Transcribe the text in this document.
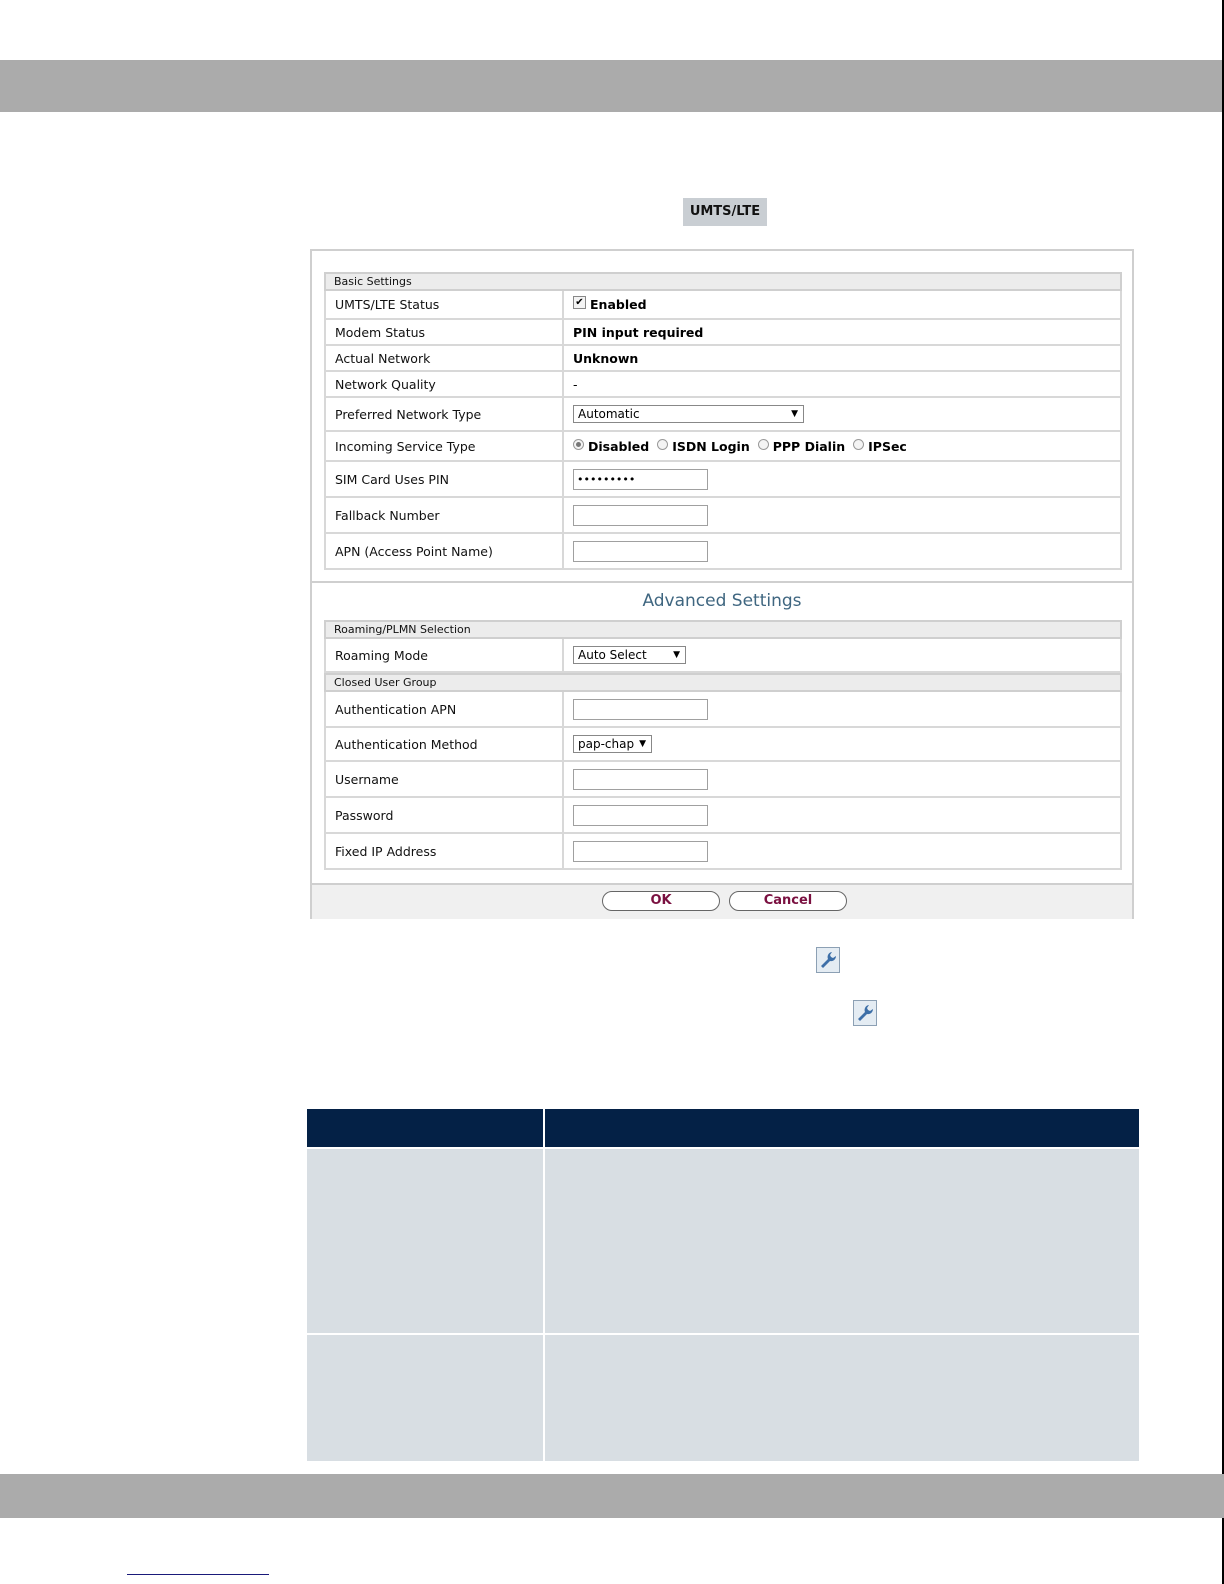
UMTS/LTE
Basic Settings
UMTS/LTE Status	✔ Enabled
Modem Status	PIN input required
Actual Network	Unknown
Network Quality	-
Preferred Network Type	Automatic	▼
Incoming Service Type	Disabled ISDN Login PPP Dialin IPSec
SIM Card Uses PIN	•••••••••
Fallback Number
APN (Access Point Name)
Advanced Settings
Roaming/PLMN Selection
Roaming Mode	Auto Select	▼
Closed User Group
Authentication APN
Authentication Method	pap-chap ▼
Username
Password
Fixed IP Address
OK	Cancel
